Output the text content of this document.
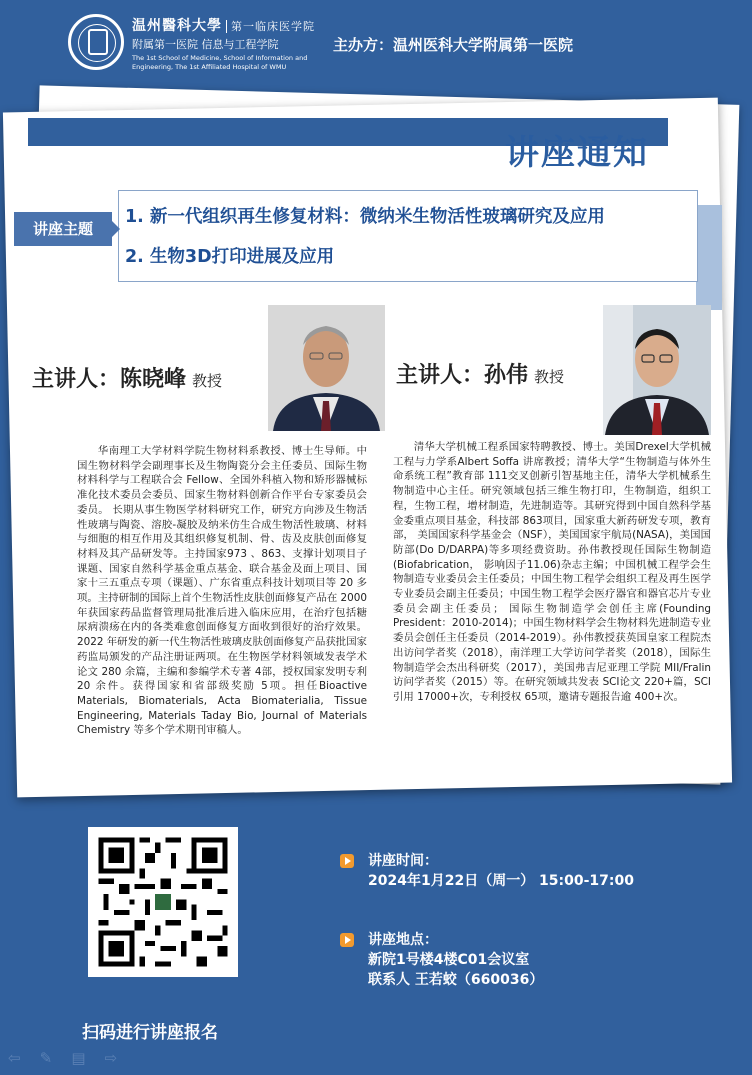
温州醫科大學 第一临床医学院
附属第一医院 信息与工程学院
The 1st School of Medicine, School of Information and Engineering, The 1st Affiliated Hospital of WMU
主办方：温州医科大学附属第一医院
讲座通知
1. 新一代组织再生修复材料：微纳米生物活性玻璃研究及应用
2. 生物3D打印进展及应用
讲座主题
主讲人：陈晓峰 教授	主讲人：孙伟 教授

华南理工大学材料学院生物材料系教授、博士生导师。中国生物材料学会副理事长及生物陶瓷分会主任委员、国际生物材料科学与工程联合会 Fellow、全国外科植入物和矫形器械标准化技术委员会委员、国家生物材料创新合作平台专家委员会委员。 长期从事生物医学材料研究工作，研究方向涉及生物活性玻璃与陶瓷、溶胶-凝胶及纳米仿生合成生物活性玻璃、材料与细胞的相互作用及其组织修复机制、骨、齿及皮肤创面修复材料及其产品研发等。主持国家973 、863、支撑计划项目子课题、国家自然科学基金重点基金、联合基金及面上项目、国家十三五重点专项（课题）、广东省重点科技计划项目等 20 多项。主持研制的国际上首个生物活性皮肤创面修复产品在 2000 年获国家药品监督管理局批准后进入临床应用，在治疗包括糖尿病溃疡在内的各类难愈创面修复方面收到很好的治疗效果。 2022 年研发的新一代生物活性玻璃皮肤创面修复产品获批国家药监局颁发的产品注册证两项。在生物医学材料领域发表学术论文 280 余篇，主编和参编学术专著 4部，授权国家发明专利 20 余件。获得国家和省部级奖励 5项。担任Bioactive Materials, Biomaterials, Acta Biomaterialia, Tissue Engineering, Materials Taday Bio, Journal of Materials Chemistry 等多个学术期刊审稿人。

清华大学机械工程系国家特聘教授、博士。美国Drexel大学机械工程与力学系Albert Soffa 讲席教授；清华大学“生物制造与体外生命系统工程”教育部 111交叉创新引智基地主任，清华大学机械系生物制造中心主任。研究领域包括三维生物打印，生物制造，组织工程，生物工程，增材制造，先进制造等。其研究得到中国自然科学基金委重点项目基金，科技部 863项目，国家重大新药研发专项，教育部， 美国国家科学基金会（NSF），美国国家宇航局(NASA)，美国国防部(Do D/DARPA)等多项经费资助。孙伟教授现任国际生物制造(Biofabrication， 影响因子11.06)杂志主编；中国机械工程学会生物制造专业委员会主任委员；中国生物工程学会组织工程及再生医学专业委员会副主任委员；中国生物工程学会医疗器官和器官芯片专业委员会副主任委员； 国际生物制造学会创任主席(Founding President：2010-2014)；中国生物材料学会生物材料先进制造专业委员会创任主任委员（2014-2019）。孙伟教授获英国皇家工程院杰出访问学者奖（2018），南洋理工大学访问学者奖（2018），国际生物制造学会杰出科研奖（2017），美国弗吉尼亚理工学院 MII/Fralin 访问学者奖（2015）等。在研究领域共发表 SCI论文 220+篇，SCI 引用 17000+次，专利授权 65项，邀请专题报告逾 400+次。

扫码进行讲座报名
讲座时间：
2024年1月22日（周一） 15:00-17:00
讲座地点：
新院1号楼4楼C01会议室
联系人 王若蛟（660036）
⇦ ✎ ▤ ⇨
